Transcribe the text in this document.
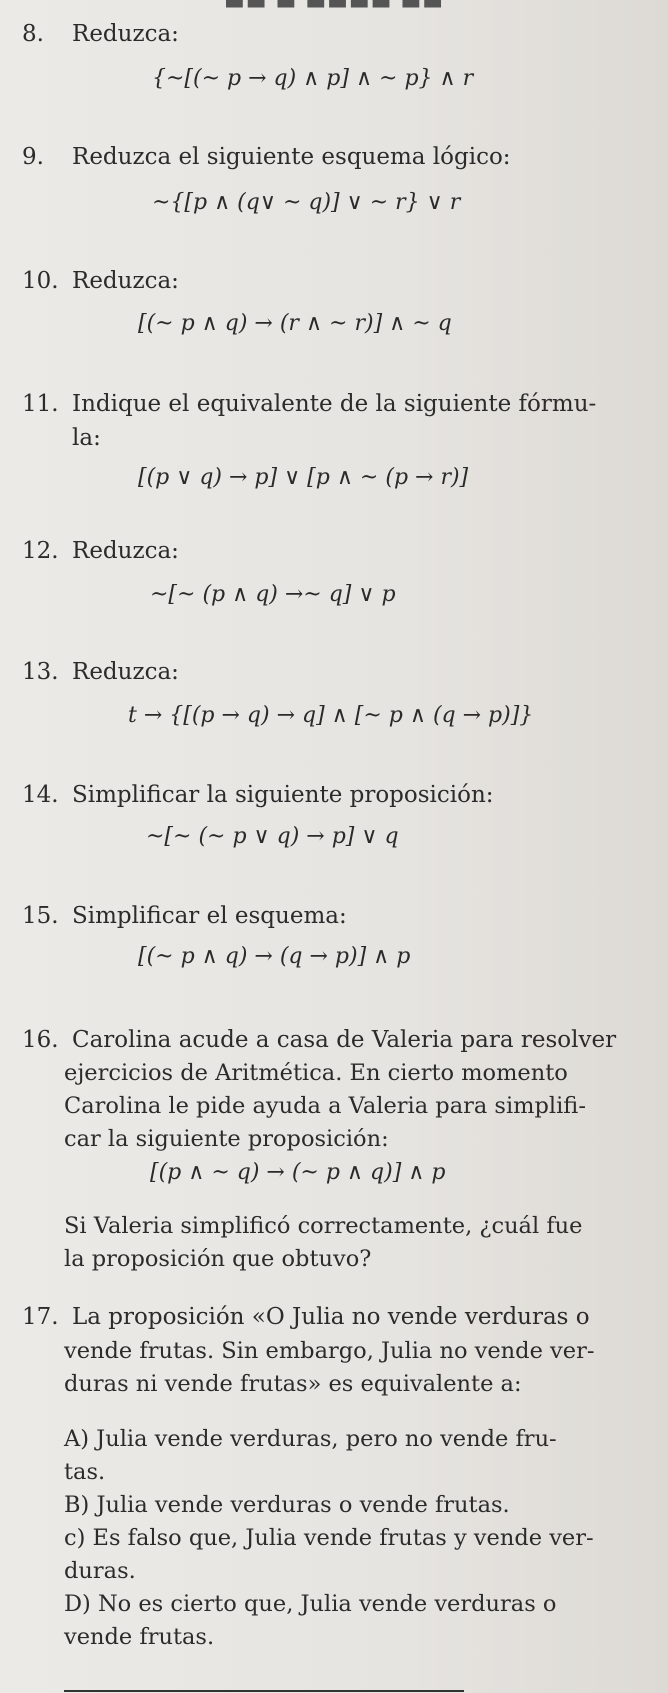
▬▬ ▬ ▬▬▬▬ ▬▬
8. Reduzca:
{~[(~ p → q) ∧ p] ∧ ~ p} ∧ r
9. Reduzca el siguiente esquema lógico:
~{[p ∧ (q∨ ~ q)] ∨ ~ r} ∨ r
10. Reduzca:
[(~ p ∧ q) → (r ∧ ~ r)] ∧ ~ q
11. Indique el equivalente de la siguiente fórmu-
la:
[(p ∨ q) → p] ∨ [p ∧ ~ (p → r)]
12. Reduzca:
~[~ (p ∧ q) →~ q] ∨ p
13. Reduzca:
t → {[(p → q) → q] ∧ [~ p ∧ (q → p)]}
14. Simplificar la siguiente proposición:
~[~ (~ p ∨ q) → p] ∨ q
15. Simplificar el esquema:
[(~ p ∧ q) → (q → p)] ∧ p
16. Carolina acude a casa de Valeria para resolver
ejercicios de Aritmética. En cierto momento
Carolina le pide ayuda a Valeria para simplifi-
car la siguiente proposición:
[(p ∧ ~ q) → (~ p ∧ q)] ∧ p
Si Valeria simplificó correctamente, ¿cuál fue
la proposición que obtuvo?
17. La proposición «O Julia no vende verduras o
vende frutas. Sin embargo, Julia no vende ver-
duras ni vende frutas» es equivalente a:
A) Julia vende verduras, pero no vende fru-
tas.
B) Julia vende verduras o vende frutas.
c) Es falso que, Julia vende frutas y vende ver-
duras.
D) No es cierto que, Julia vende verduras o
vende frutas.
